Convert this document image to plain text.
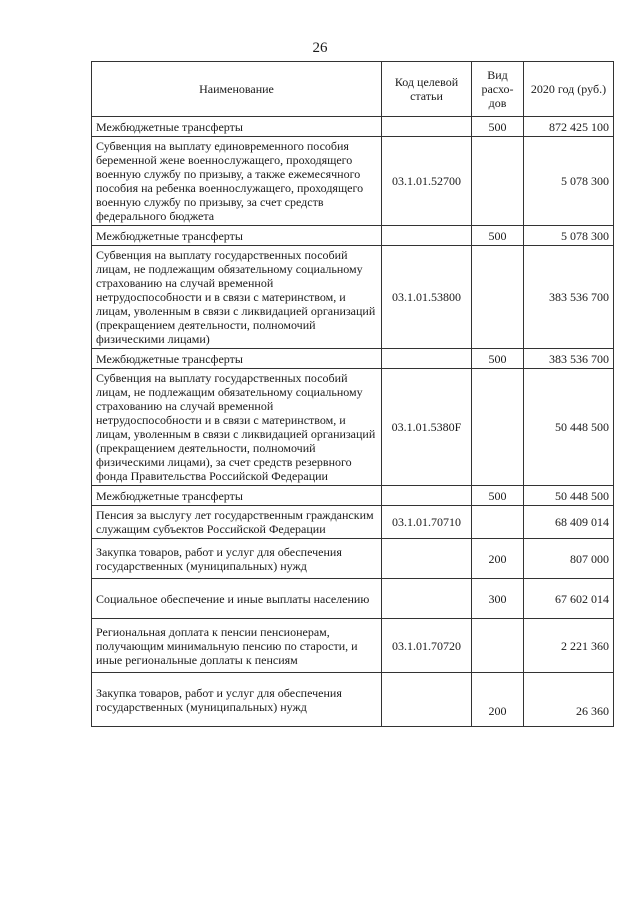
26
Наименование	Код целевой статьи	Вид расхо-дов	2020 год (руб.)
Межбюджетные трансферты		500	872 425 100
Субвенция на выплату единовременного пособия беременной жене военнослужащего, проходящего военную службу по призыву, а также ежемесячного пособия на ребенка военнослужащего, проходящего военную службу по призыву, за счет средств федерального бюджета	03.1.01.52700		5 078 300
Межбюджетные трансферты		500	5 078 300
Субвенция на выплату государственных пособий лицам, не подлежащим обязательному социальному страхованию на случай временной нетрудоспособности и в связи с материнством, и лицам, уволенным в связи с ликвидацией организаций (прекращением деятельности, полномочий физическими лицами)	03.1.01.53800		383 536 700
Межбюджетные трансферты		500	383 536 700
Субвенция на выплату государственных пособий лицам, не подлежащим обязательному социальному страхованию на случай временной нетрудоспособности и в связи с материнством, и лицам, уволенным в связи с ликвидацией организаций (прекращением деятельности, полномочий физическими лицами), за счет средств резервного фонда Правительства Российской Федерации	03.1.01.5380F		50 448 500
Межбюджетные трансферты		500	50 448 500
Пенсия за выслугу лет государственным гражданским служащим субъектов Российской Федерации	03.1.01.70710		68 409 014
Закупка товаров, работ и услуг для обеспечения государственных (муниципальных) нужд		200	807 000
Социальное обеспечение и иные выплаты населению		300	67 602 014
Региональная доплата к пенсии пенсионерам, получающим минимальную пенсию по старости, и иные региональные доплаты к пенсиям	03.1.01.70720		2 221 360
Закупка товаров, работ и услуг для обеспечения государственных (муниципальных) нужд		200	26 360
